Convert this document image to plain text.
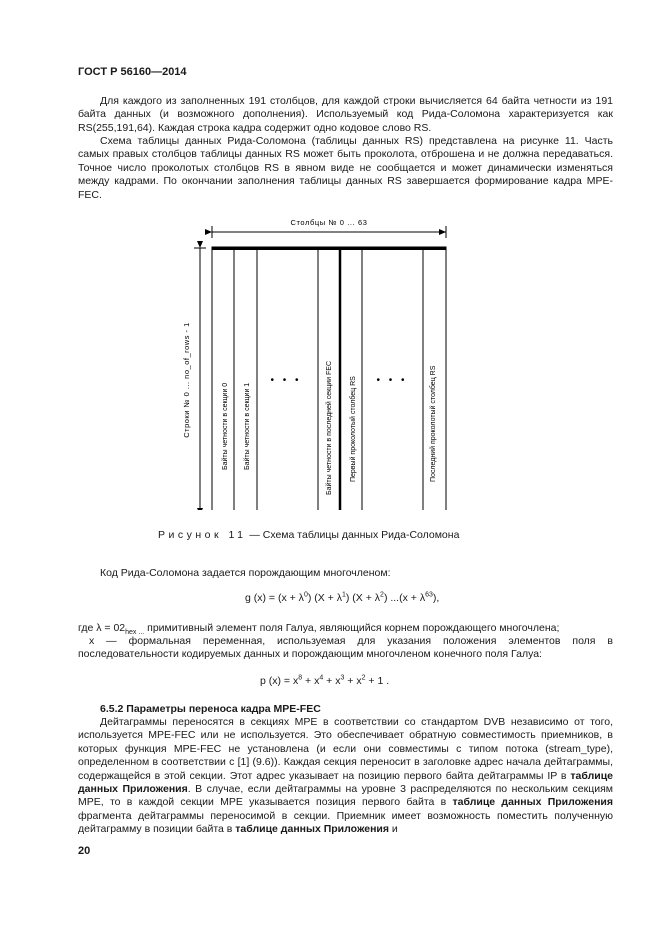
ГОСТ Р 56160—2014

Для каждого из заполненных 191 столбцов, для каждой строки вычисляется 64 байта четности из 191 байта данных (и возможного дополнения). Используемый код Рида-Соломона характеризуется как RS(255,191,64). Каждая строка кадра содержит одно кодовое слово RS.

Схема таблицы данных Рида-Соломона (таблицы данных RS) представлена на рисунке 11. Часть самых правых столбцов таблицы данных RS может быть проколота, отброшена и не должна передаваться. Точное число проколотых столбцов RS в явном виде не сообщается и может динамически изменяться между кадрами. По окончании заполнения таблицы данных RS завершается формирование кадра MPE-FEC.

Столбцы № 0 ... 63
Строки № 0 ... no_of_rows - 1	Байты четности в секции 0 Байты четности в секции 1	Байты четности в последней секции FEC Первый проколотый столбец RS	Последний проколотый столбец RS
• • •	• • •
Рисунок 11 — Схема таблицы данных Рида-Соломона

Код Рида-Соломона задается порождающим многочленом:

g $(x) = (x + \lambda^0)$ $(X + \lambda^1)$ $(X + \lambda^2)$ $...(x + \lambda^{63})$,

где $\lambda = 02_{hex ...}$ примитивный элемент поля Галуа, являющийся корнем порождающего многочлена;

x — формальная переменная, используемая для указания положения элементов поля в последовательности кодируемых данных и порождающим многочленом конечного поля Галуа:

p $(x) = x^8 + x^4 + x^3 + x^2 + 1$ .

6.5.2 Параметры переноса кадра MPE-FEC

Дейтаграммы переносятся в секциях MPE в соответствии со стандартом DVB независимо от того, используется MPE-FEC или не используется. Это обеспечивает обратную совместимость приемников, в которых функция MPE-FEC не установлена (и если они совместимы с типом потока (stream_type), определенном в соответствии с [1] (9.6)). Каждая секция переносит в заголовке адрес начала дейтаграммы, содержащейся в этой секции. Этот адрес указывает на позицию первого байта дейтаграммы IP в таблице данных Приложения. В случае, если дейтаграммы на уровне 3 распределяются по нескольким секциям MPE, то в каждой секции MPE указывается позиция первого байта в таблице данных Приложения фрагмента дейтаграммы переносимой в секции. Приемник имеет возможность поместить полученную дейтаграмму в позиции байта в таблице данных Приложения и

20
